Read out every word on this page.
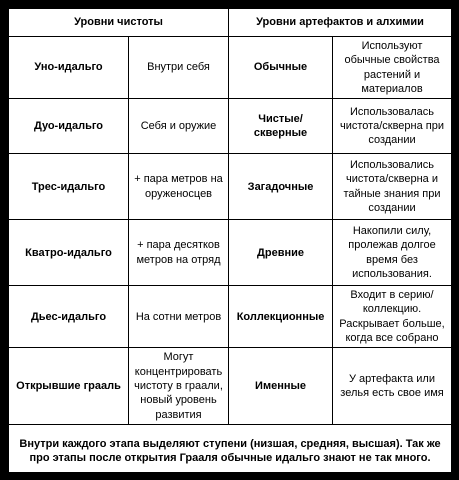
Уровни чистоты		Уровни артефактов и алхимии	
Уно-идальго	Внутри себя	Обычные	Используют обычные свойства растений и материалов
Дуо-идальго	Себя и оружие	Чистые/скверные	Использовалась чистота/скверна при создании
Трес-идальго	+ пара метров на оруженосцев	Загадочные	Использовались чистота/скверна и тайные знания при создании
Кватро-идальго	+ пара десятков метров на отряд	Древние	Накопили силу, пролежав долгое время без использования.
Дьес-идальго	На сотни метров	Коллекционные	Входит в серию/коллекцию. Раскрывает больше, когда все собрано
Открывшие грааль	Могут концентрировать чистоту в граали, новый уровень развития	Именные	У артефакта или зелья есть свое имя
Внутри каждого этапа выделяют ступени (низшая, средняя, высшая). Так же про этапы после открытия Грааля обычные идальго знают не так много.			
